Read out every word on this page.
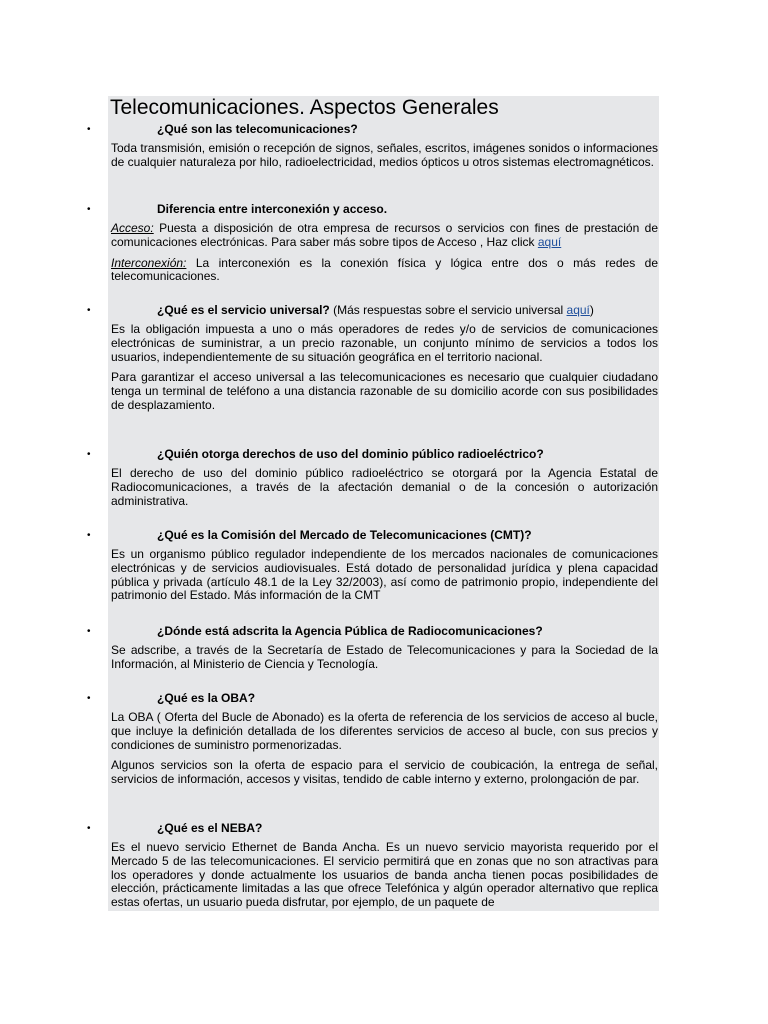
Telecomunicaciones. Aspectos Generales
•	¿Qué son las telecomunicaciones?
Toda transmisión, emisión o recepción de signos, señales, escritos, imágenes sonidos o informaciones de cualquier naturaleza por hilo, radioelectricidad, medios ópticos u otros sistemas electromagnéticos.
•	Diferencia entre interconexión y acceso.
Acceso: Puesta a disposición de otra empresa de recursos o servicios con fines de prestación de comunicaciones electrónicas. Para saber más sobre tipos de Acceso , Haz click aquí
Interconexión: La interconexión es la conexión física y lógica entre dos o más redes de telecomunicaciones.
•	¿Qué es el servicio universal? (Más respuestas sobre el servicio universal aquí)
Es la obligación impuesta a uno o más operadores de redes y/o de servicios de comunicaciones electrónicas de suministrar, a un precio razonable, un conjunto mínimo de servicios a todos los usuarios, independientemente de su situación geográfica en el territorio nacional.
Para garantizar el acceso universal a las telecomunicaciones es necesario que cualquier ciudadano tenga un terminal de teléfono a una distancia razonable de su domicilio acorde con sus posibilidades de desplazamiento.
•	¿Quién otorga derechos de uso del dominio público radioeléctrico?
El derecho de uso del dominio público radioeléctrico se otorgará por la Agencia Estatal de Radiocomunicaciones, a través de la afectación demanial o de la concesión o autorización administrativa.
•	¿Qué es la Comisión del Mercado de Telecomunicaciones (CMT)?
Es un organismo público regulador independiente de los mercados nacionales de comunicaciones electrónicas y de servicios audiovisuales. Está dotado de personalidad jurídica y plena capacidad pública y privada (artículo 48.1 de la Ley 32/2003), así como de patrimonio propio, independiente del patrimonio del Estado. Más información de la CMT
•	¿Dónde está adscrita la Agencia Pública de Radiocomunicaciones?
Se adscribe, a través de la Secretaría de Estado de Telecomunicaciones y para la Sociedad de la Información, al Ministerio de Ciencia y Tecnología.
•	¿Qué es la OBA?
La OBA ( Oferta del Bucle de Abonado) es la oferta de referencia de los servicios de acceso al bucle, que incluye la definición detallada de los diferentes servicios de acceso al bucle, con sus precios y condiciones de suministro pormenorizadas.
Algunos servicios son la oferta de espacio para el servicio de coubicación, la entrega de señal, servicios de información, accesos y visitas, tendido de cable interno y externo, prolongación de par.
•	¿Qué es el NEBA?
Es el nuevo servicio Ethernet de Banda Ancha. Es un nuevo servicio mayorista requerido por el Mercado 5 de las telecomunicaciones. El servicio permitirá que en zonas que no son atractivas para los operadores y donde actualmente los usuarios de banda ancha tienen pocas posibilidades de elección, prácticamente limitadas a las que ofrece Telefónica y algún operador alternativo que replica estas ofertas, un usuario pueda disfrutar, por ejemplo, de un paquete de
